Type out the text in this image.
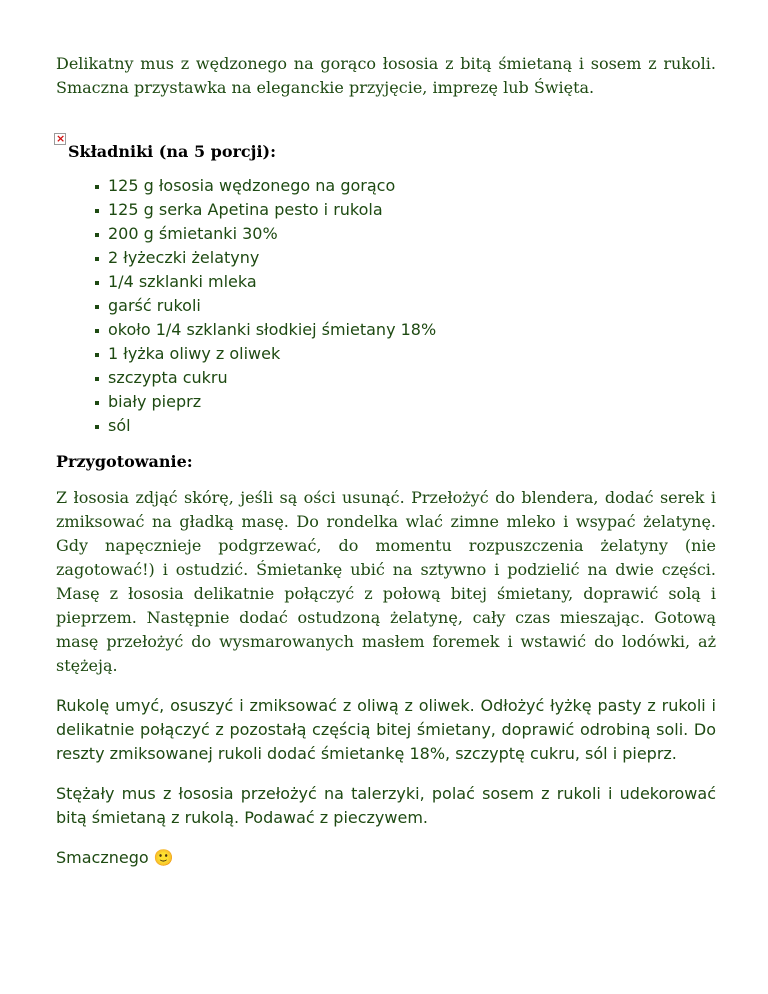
Delikatny mus z wędzonego na gorąco łososia z bitą śmietaną i sosem z rukoli. Smaczna przystawka na eleganckie przyjęcie, imprezę lub Święta.

×
Składniki (na 5 porcji):
125 g łososia wędzonego na gorąco
125 g serka Apetina pesto i rukola
200 g śmietanki 30%
2 łyżeczki żelatyny
1/4 szklanki mleka
garść rukoli
około 1/4 szklanki słodkiej śmietany 18%
1 łyżka oliwy z oliwek
szczypta cukru
biały pieprz
sól
Przygotowanie:

Z łososia zdjąć skórę, jeśli są ości usunąć. Przełożyć do blendera, dodać serek i zmiksować na gładką masę. Do rondelka wlać zimne mleko i wsypać żelatynę. Gdy napęcznieje podgrzewać, do momentu rozpuszczenia żelatyny (nie zagotować!) i ostudzić. Śmietankę ubić na sztywno i podzielić na dwie części. Masę z łososia delikatnie połączyć z połową bitej śmietany, doprawić solą i pieprzem. Następnie dodać ostudzoną żelatynę, cały czas mieszając. Gotową masę przełożyć do wysmarowanych masłem foremek i wstawić do lodówki, aż stężeją.

Rukolę umyć, osuszyć i zmiksować z oliwą z oliwek. Odłożyć łyżkę pasty z rukoli i delikatnie połączyć z pozostałą częścią bitej śmietany, doprawić odrobiną soli. Do reszty zmiksowanej rukoli dodać śmietankę 18%, szczyptę cukru, sól i pieprz.

Stężały mus z łososia przełożyć na talerzyki, polać sosem z rukoli i udekorować bitą śmietaną z rukolą. Podawać z pieczywem.

Smacznego 🙂
